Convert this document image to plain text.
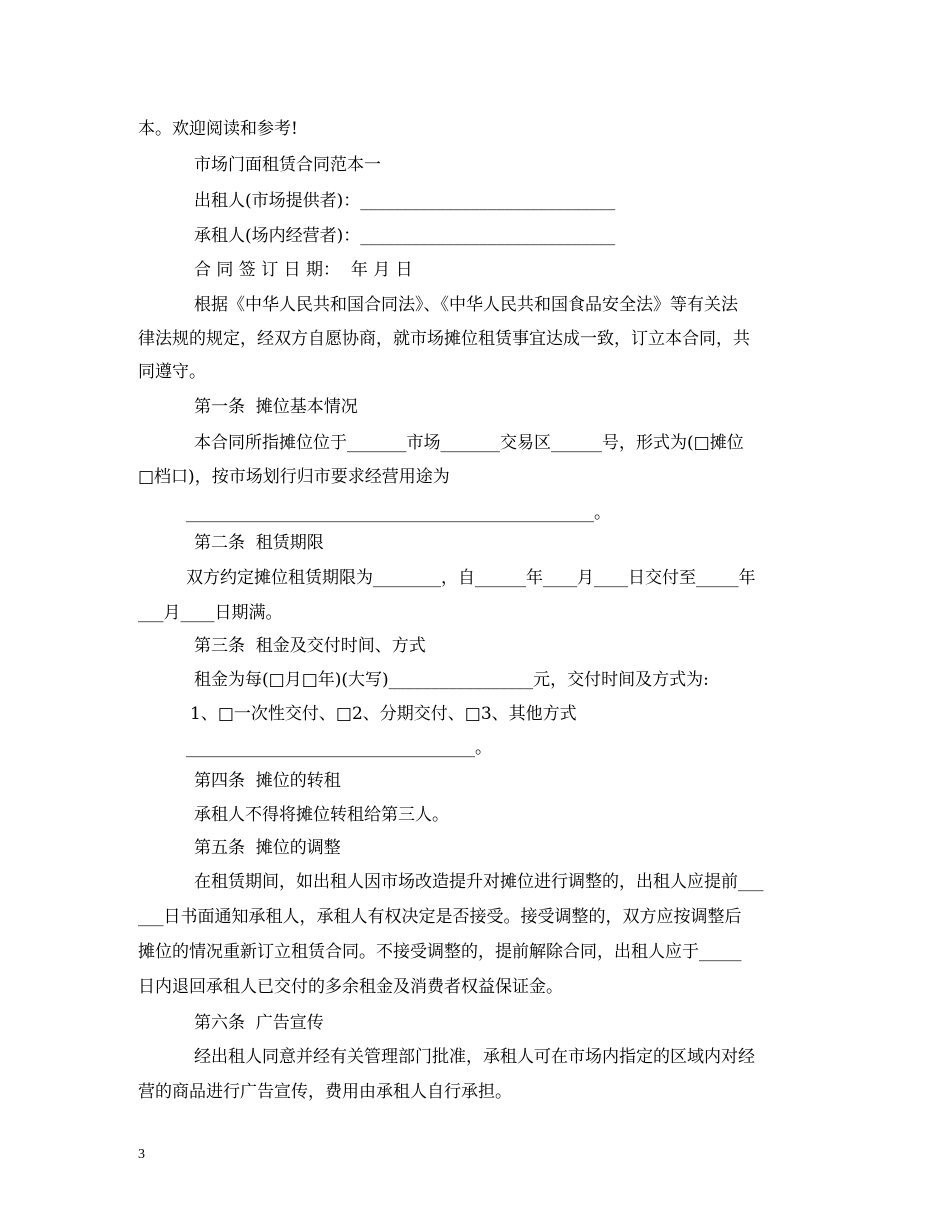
本。欢迎阅读和参考!
市场门面租赁合同范本一
出租人(市场提供者)：______________________________
承租人(场内经营者)：______________________________
合 同 签 订 日 期：  年 月 日
根据《中华人民共和国合同法》、《中华人民共和国食品安全法》等有关法
律法规的规定，经双方自愿协商，就市场摊位租赁事宜达成一致，订立本合同，共
同遵守。
第一条  摊位基本情况
本合同所指摊位位于_______市场_______交易区______号，形式为(□摊位
□档口)，按市场划行归市要求经营用途为
________________________________________________。
第二条  租赁期限
双方约定摊位租赁期限为________，自______年____月____日交付至_____年
___月____日期满。
第三条  租金及交付时间、方式
租金为每(□月□年)(大写)_________________元，交付时间及方式为:
1、□一次性交付、□2、分期交付、□3、其他方式
__________________________________。
第四条  摊位的转租
承租人不得将摊位转租给第三人。
第五条  摊位的调整
在租赁期间，如出租人因市场改造提升对摊位进行调整的，出租人应提前___
___日书面通知承租人，承租人有权决定是否接受。接受调整的，双方应按调整后
摊位的情况重新订立租赁合同。不接受调整的，提前解除合同，出租人应于_____
日内退回承租人已交付的多余租金及消费者权益保证金。
第六条  广告宣传
经出租人同意并经有关管理部门批准，承租人可在市场内指定的区域内对经
营的商品进行广告宣传，费用由承租人自行承担。
3
